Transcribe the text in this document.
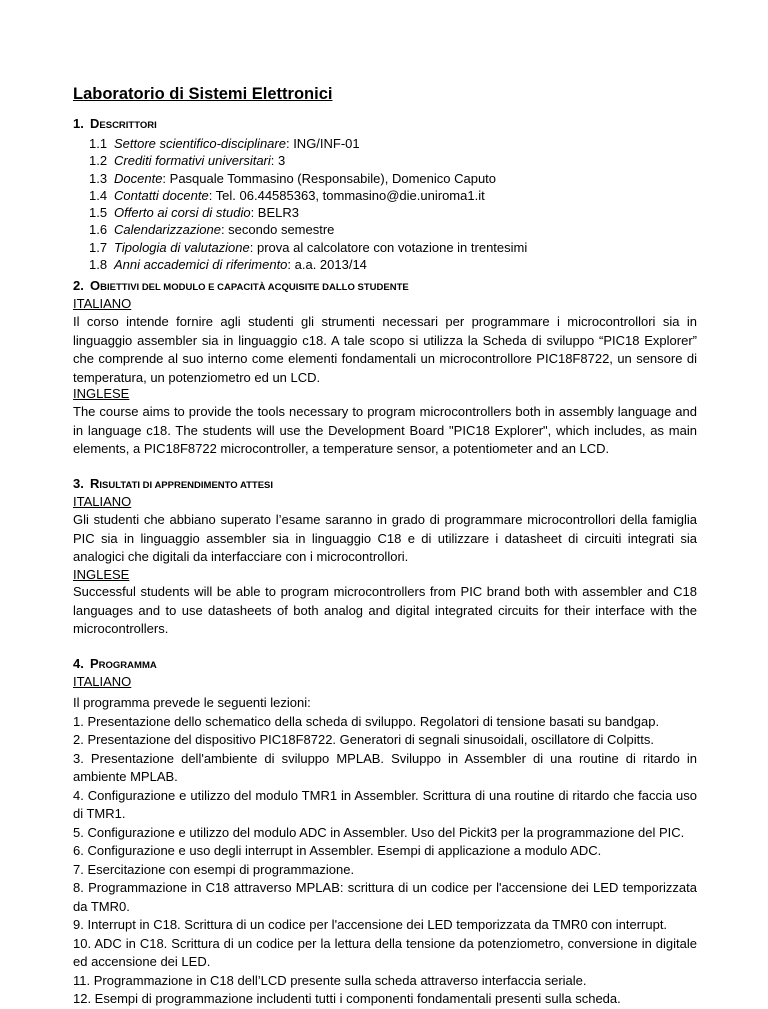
Laboratorio di Sistemi Elettronici
1. DESCRITTORI
1.1 Settore scientifico-disciplinare: ING/INF-01
1.2 Crediti formativi universitari: 3
1.3 Docente: Pasquale Tommasino (Responsabile), Domenico Caputo
1.4 Contatti docente: Tel. 06.44585363, tommasino@die.uniroma1.it
1.5 Offerto ai corsi di studio: BELR3
1.6 Calendarizzazione: secondo semestre
1.7 Tipologia di valutazione: prova al calcolatore con votazione in trentesimi
1.8 Anni accademici di riferimento: a.a. 2013/14
2. OBIETTIVI DEL MODULO E CAPACITÀ ACQUISITE DALLO STUDENTE
ITALIANO

Il corso intende fornire agli studenti gli strumenti necessari per programmare i microcontrollori sia in linguaggio assembler sia in linguaggio c18. A tale scopo si utilizza la Scheda di sviluppo “PIC18 Explorer” che comprende al suo interno come elementi fondamentali un microcontrollore PIC18F8722, un sensore di temperatura, un potenziometro ed un LCD.

INGLESE

The course aims to provide the tools necessary to program microcontrollers both in assembly language and in language c18. The students will use the Development Board "PIC18 Explorer", which includes, as main elements, a PIC18F8722 microcontroller, a temperature sensor, a potentiometer and an LCD.

3. RISULTATI DI APPRENDIMENTO ATTESI
ITALIANO

Gli studenti che abbiano superato l’esame saranno in grado di programmare microcontrollori della famiglia PIC sia in linguaggio assembler sia in linguaggio C18 e di utilizzare i datasheet di circuiti integrati sia analogici che digitali da interfacciare con i microcontrollori.

INGLESE

Successful students will be able to program microcontrollers from PIC brand both with assembler and C18 languages and to use datasheets of both analog and digital integrated circuits for their interface with the microcontrollers.

4. PROGRAMMA
ITALIANO
Il programma prevede le seguenti lezioni:
1. Presentazione dello schematico della scheda di sviluppo. Regolatori di tensione basati su bandgap.
2. Presentazione del dispositivo PIC18F8722. Generatori di segnali sinusoidali, oscillatore di Colpitts.
3. Presentazione dell'ambiente di sviluppo MPLAB. Sviluppo in Assembler di una routine di ritardo in ambiente MPLAB.
4. Configurazione e utilizzo del modulo TMR1 in Assembler. Scrittura di una routine di ritardo che faccia uso di TMR1.
5. Configurazione e utilizzo del modulo ADC in Assembler. Uso del Pickit3 per la programmazione del PIC.
6. Configurazione e uso degli interrupt in Assembler. Esempi di applicazione a modulo ADC.
7. Esercitazione con esempi di programmazione.
8. Programmazione in C18 attraverso MPLAB: scrittura di un codice per l'accensione dei LED temporizzata da TMR0.
9. Interrupt in C18. Scrittura di un codice per l'accensione dei LED temporizzata da TMR0 con interrupt.
10. ADC in C18. Scrittura di un codice per la lettura della tensione da potenziometro, conversione in digitale ed accensione dei LED.
11. Programmazione in C18 dell’LCD presente sulla scheda attraverso interfaccia seriale.
12. Esempi di programmazione includenti tutti i componenti fondamentali presenti sulla scheda.
